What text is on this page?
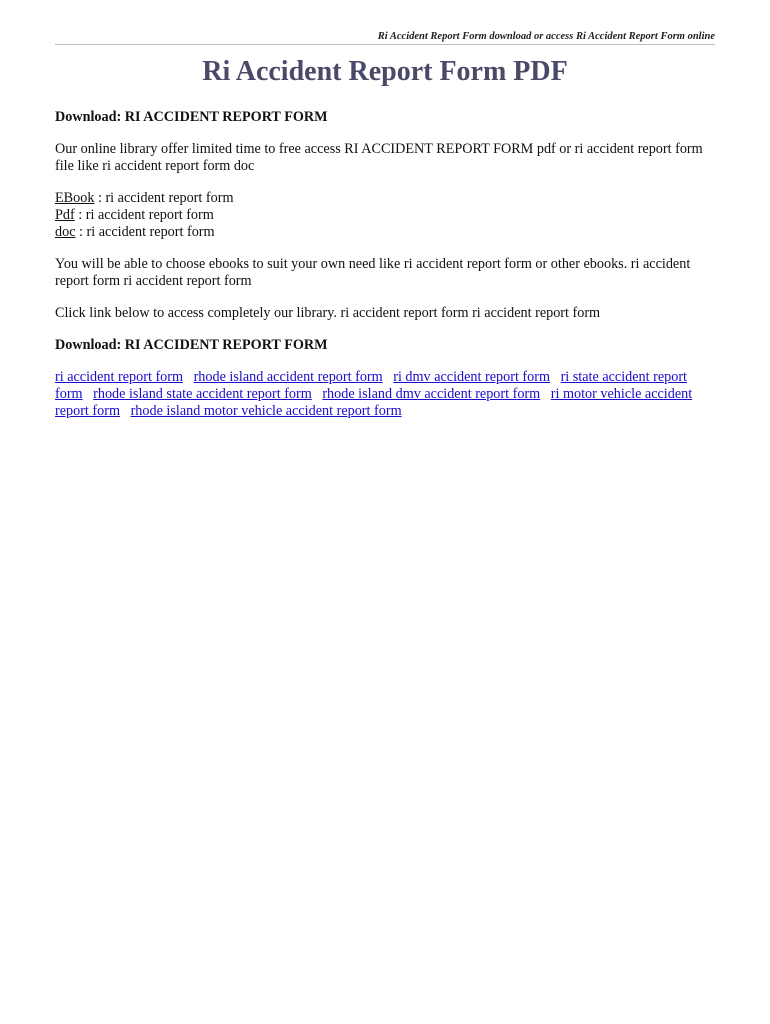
Ri Accident Report Form download or access Ri Accident Report Form online
Ri Accident Report Form PDF

Download: RI ACCIDENT REPORT FORM

Our online library offer limited time to free access RI ACCIDENT REPORT FORM pdf or ri accident report form file like ri accident report form doc

EBook : ri accident report form
Pdf : ri accident report form
doc : ri accident report form

You will be able to choose ebooks to suit your own need like ri accident report form or other ebooks. ri accident report form ri accident report form

Click link below to access completely our library. ri accident report form ri accident report form

Download: RI ACCIDENT REPORT FORM

ri accident report form rhode island accident report form ri dmv accident report form ri state accident report form rhode island state accident report form rhode island dmv accident report form ri motor vehicle accident report form rhode island motor vehicle accident report form
